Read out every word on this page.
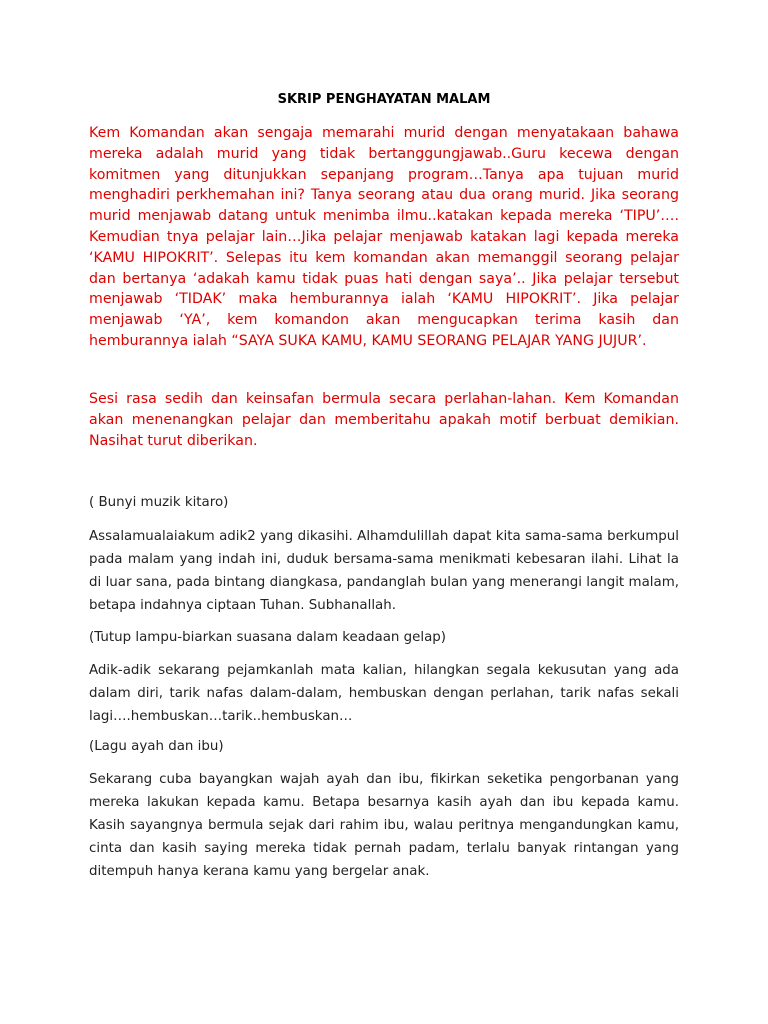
SKRIP PENGHAYATAN MALAM

Kem Komandan akan sengaja memarahi murid dengan menyatakaan bahawa mereka adalah murid yang tidak bertanggungjawab..Guru kecewa dengan komitmen yang ditunjukkan sepanjang program…Tanya apa tujuan murid menghadiri perkhemahan ini? Tanya seorang atau dua orang murid. Jika seorang murid menjawab datang untuk menimba ilmu..katakan kepada mereka ‘TIPU’…. Kemudian tnya pelajar lain…Jika pelajar menjawab katakan lagi kepada mereka ‘KAMU HIPOKRIT’. Selepas itu kem komandan akan memanggil seorang pelajar dan bertanya ‘adakah kamu tidak puas hati dengan saya’.. Jika pelajar tersebut menjawab ‘TIDAK’ maka hemburannya ialah ‘KAMU HIPOKRIT’. Jika pelajar menjawab ‘YA’, kem komandon akan mengucapkan terima kasih dan hemburannya ialah “SAYA SUKA KAMU, KAMU SEORANG PELAJAR YANG JUJUR’.

Sesi rasa sedih dan keinsafan bermula secara perlahan-lahan. Kem Komandan akan menenangkan pelajar dan memberitahu apakah motif berbuat demikian. Nasihat turut diberikan.

( Bunyi muzik kitaro)

Assalamualaiakum adik2 yang dikasihi. Alhamdulillah dapat kita sama-sama berkumpul pada malam yang indah ini, duduk bersama-sama menikmati kebesaran ilahi. Lihat la di luar sana, pada bintang diangkasa, pandanglah bulan yang menerangi langit malam, betapa indahnya ciptaan Tuhan. Subhanallah.

(Tutup lampu-biarkan suasana dalam keadaan gelap)

Adik-adik sekarang pejamkanlah mata kalian, hilangkan segala kekusutan yang ada dalam diri, tarik nafas dalam-dalam, hembuskan dengan perlahan, tarik nafas sekali lagi….hembuskan…tarik..hembuskan…

(Lagu ayah dan ibu)

Sekarang cuba bayangkan wajah ayah dan ibu, fikirkan seketika pengorbanan yang mereka lakukan kepada kamu. Betapa besarnya kasih ayah dan ibu kepada kamu. Kasih sayangnya bermula sejak dari rahim ibu, walau peritnya mengandungkan kamu, cinta dan kasih saying mereka tidak pernah padam, terlalu banyak rintangan yang ditempuh hanya kerana kamu yang bergelar anak.
